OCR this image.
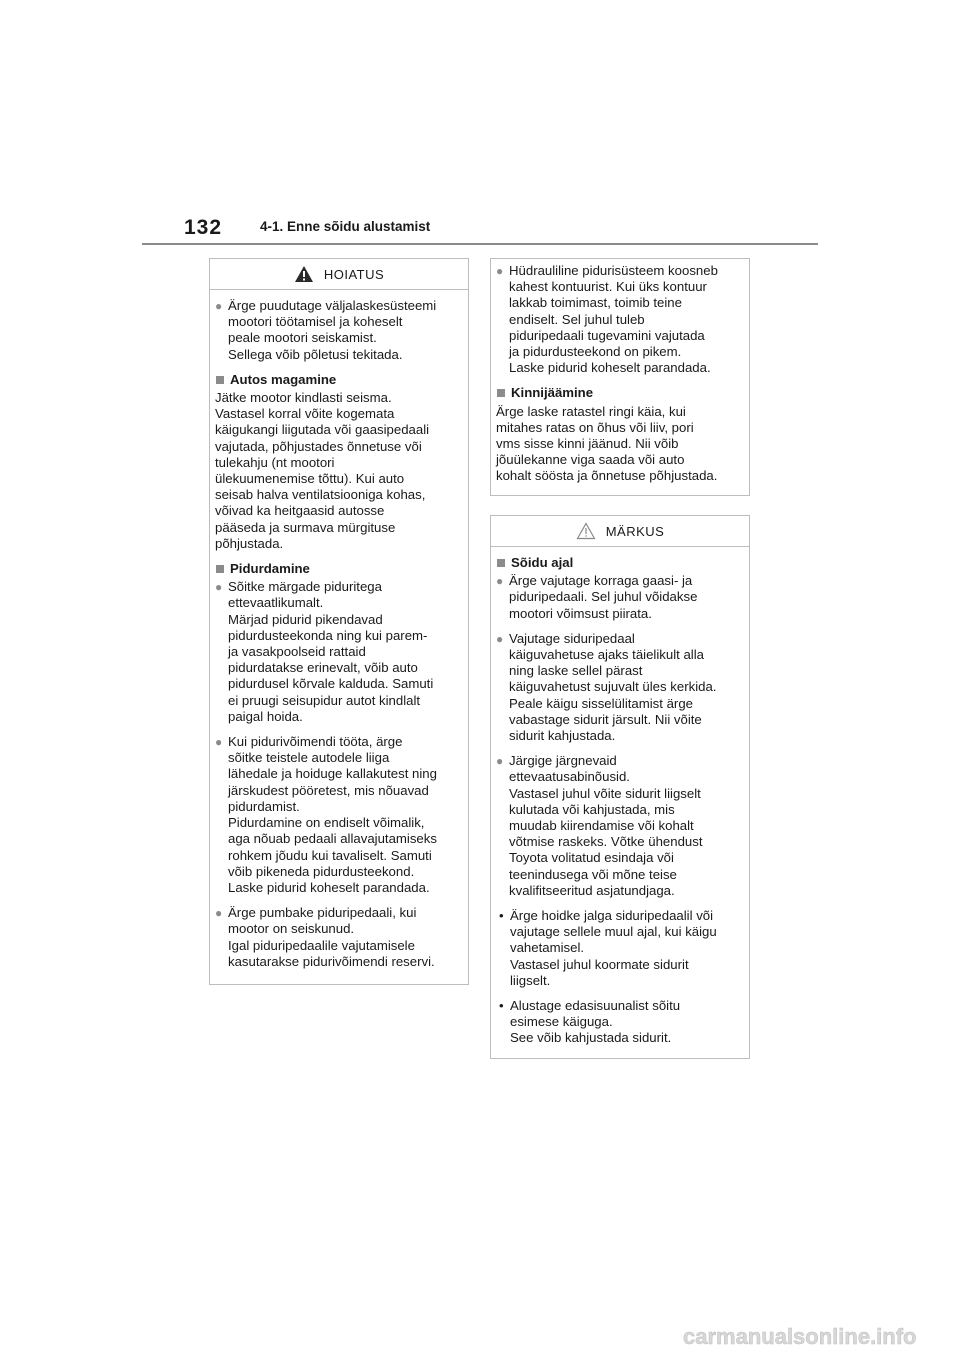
132	4-1. Enne sõidu alustamist
HOIATUS
● Ärge puudutage väljalaskesüsteemi
mootori töötamisel ja koheselt
peale mootori seiskamist.
Sellega võib põletusi tekitada.
Autos magamine
Jätke mootor kindlasti seisma.
Vastasel korral võite kogemata
käigukangi liigutada või gaasipedaali
vajutada, põhjustades õnnetuse või
tulekahju (nt mootori
ülekuumenemise tõttu). Kui auto
seisab halva ventilatsiooniga kohas,
võivad ka heitgaasid autosse
pääseda ja surmava mürgituse
põhjustada.
Pidurdamine
● Sõitke märgade piduritega
ettevaatlikumalt.
Märjad pidurid pikendavad
pidurdusteekonda ning kui parem-
ja vasakpoolseid rattaid
pidurdatakse erinevalt, võib auto
pidurdusel kõrvale kalduda. Samuti
ei pruugi seisupidur autot kindlalt
paigal hoida.
● Kui pidurivõimendi tööta, ärge
sõitke teistele autodele liiga
lähedale ja hoiduge kallakutest ning
järskudest pööretest, mis nõuavad
pidurdamist.
Pidurdamine on endiselt võimalik,
aga nõuab pedaali allavajutamiseks
rohkem jõudu kui tavaliselt. Samuti
võib pikeneda pidurdusteekond.
Laske pidurid koheselt parandada.
● Ärge pumbake piduripedaali, kui
mootor on seiskunud.
Igal piduripedaalile vajutamisele
kasutarakse pidurivõimendi reservi.
● Hüdrauliline pidurisüsteem koosneb
kahest kontuurist. Kui üks kontuur
lakkab toimimast, toimib teine
endiselt. Sel juhul tuleb
piduripedaali tugevamini vajutada
ja pidurdusteekond on pikem.
Laske pidurid koheselt parandada.
Kinnijäämine
Ärge laske ratastel ringi käia, kui
mitahes ratas on õhus või liiv, pori
vms sisse kinni jäänud. Nii võib
jõuülekanne viga saada või auto
kohalt söösta ja õnnetuse põhjustada.
MÄRKUS
Sõidu ajal
● Ärge vajutage korraga gaasi- ja
piduripedaali. Sel juhul võidakse
mootori võimsust piirata.
● Vajutage siduripedaal
käiguvahetuse ajaks täielikult alla
ning laske sellel pärast
käiguvahetust sujuvalt üles kerkida.
Peale käigu sisselülitamist ärge
vabastage sidurit järsult. Nii võite
sidurit kahjustada.
● Järgige järgnevaid
ettevaatusabinõusid.
Vastasel juhul võite sidurit liigselt
kulutada või kahjustada, mis
muudab kiirendamise või kohalt
võtmise raskeks. Võtke ühendust
Toyota volitatud esindaja või
teenindusega või mõne teise
kvalifitseeritud asjatundjaga.
• Ärge hoidke jalga siduripedaalil või
vajutage sellele muul ajal, kui käigu
vahetamisel.
Vastasel juhul koormate sidurit
liigselt.
• Alustage edasisuunalist sõitu
esimese käiguga.
See võib kahjustada sidurit.
carmanualsonline.info
